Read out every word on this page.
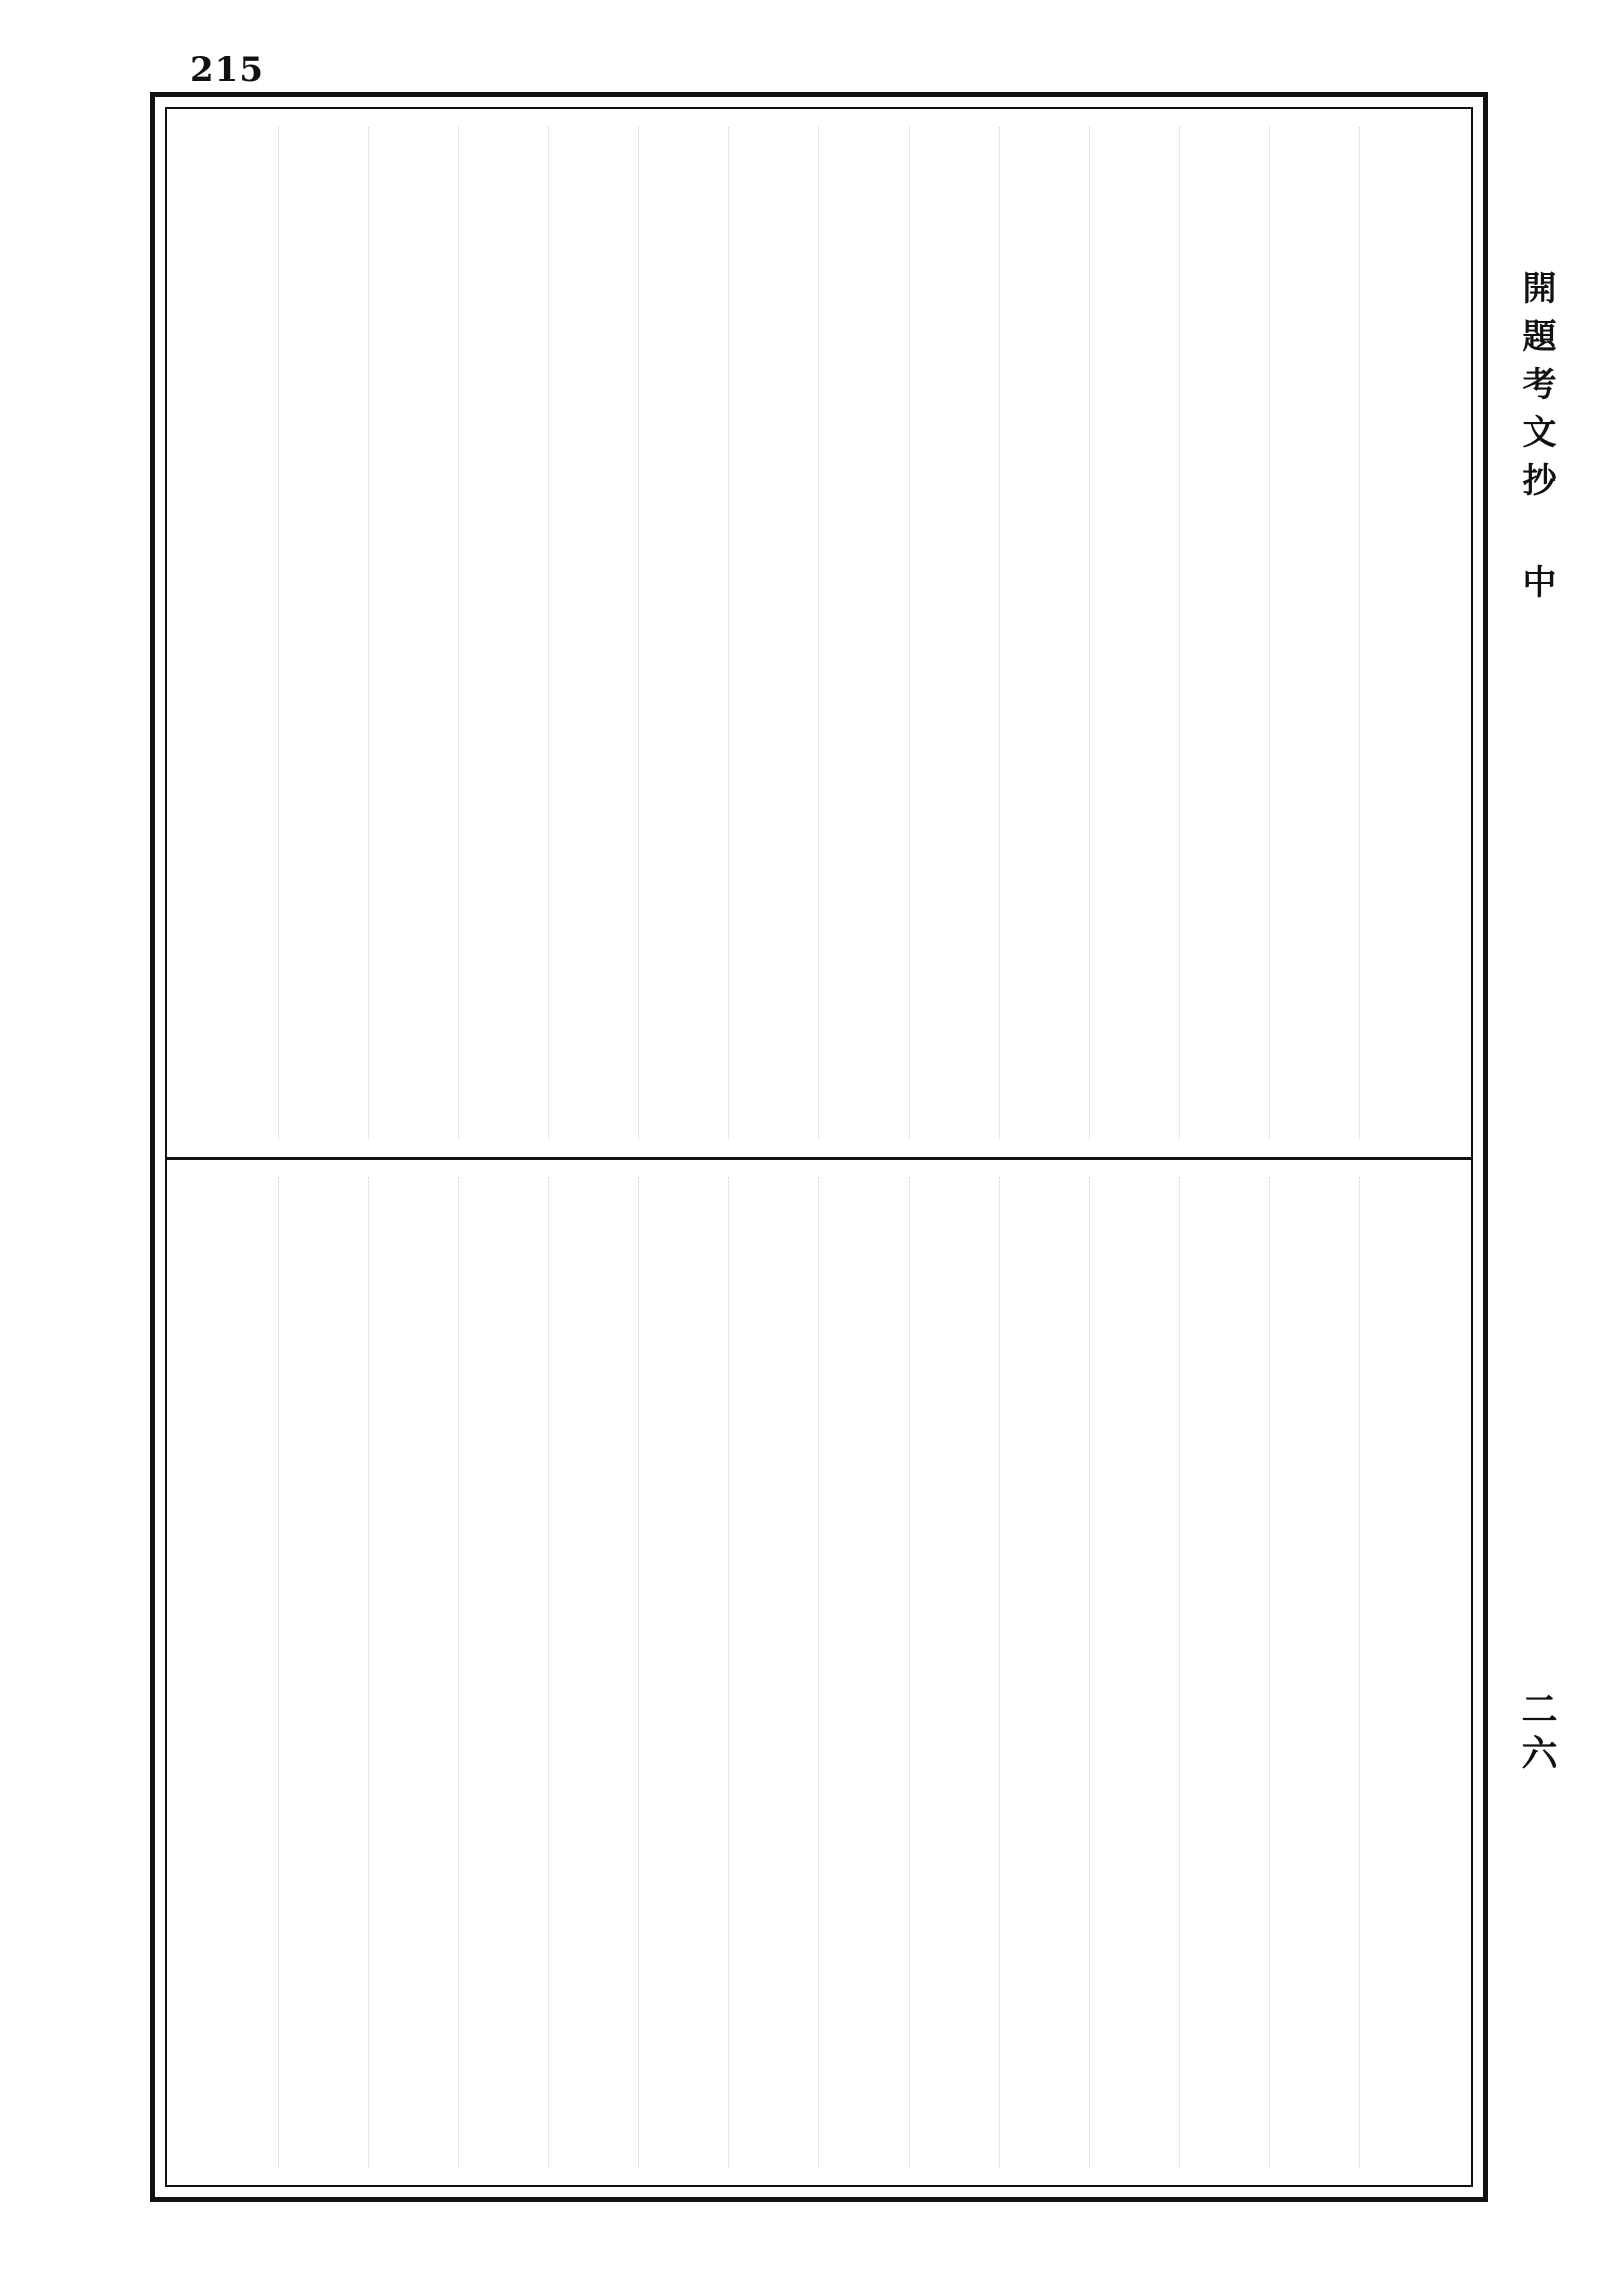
215
開題考文抄 中
二六
